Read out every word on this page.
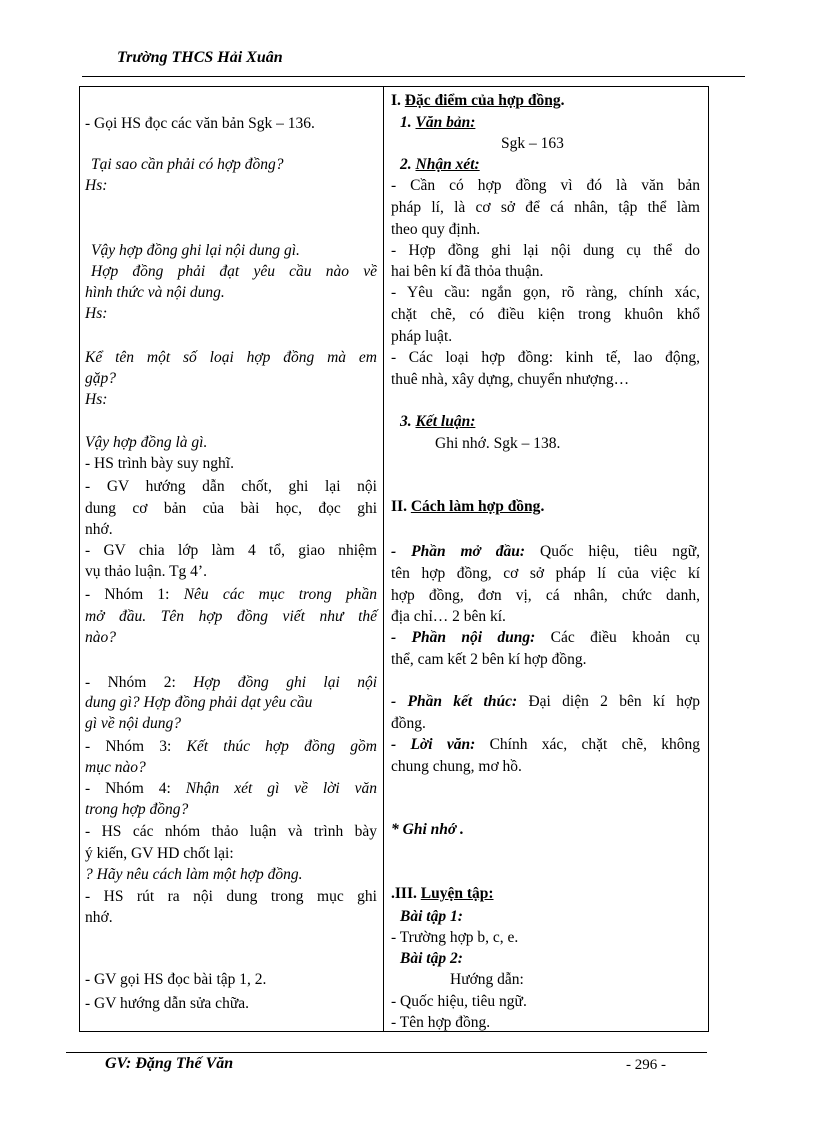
Trường THCS Hải Xuân
- Gọi HS đọc các văn bản Sgk – 136.
Tại sao cần phải có hợp đồng?
Hs:
Vậy hợp đồng ghi lại nội dung gì.
Hợp đồng phải đạt yêu cầu nào về
hình thức và nội dung.
Hs:
Kể tên một số loại hợp đồng mà em
gặp?
Hs:
Vậy hợp đồng là gì.
- HS trình bày suy nghĩ.
- GV hướng dẫn chốt, ghi lại nội
dung cơ bản của bài học, đọc ghi
nhớ.
- GV chia lớp làm 4 tổ, giao nhiệm
vụ thảo luận. Tg 4’.
- Nhóm 1: Nêu các mục trong phần
mở đầu. Tên hợp đồng viết như thế
nào?
- Nhóm 2: Hợp đồng ghi lại nội
dung gì? Hợp đồng phải dạt yêu cầu
gì về nội dung?
- Nhóm 3: Kết thúc hợp đồng gồm
mục nào?
- Nhóm 4: Nhận xét gì về lời văn
trong hợp đồng?
- HS các nhóm thảo luận và trình bày
ý kiến, GV HD chốt lại:
? Hãy nêu cách làm một hợp đồng.
- HS rút ra nội dung trong mục ghi
nhớ.
- GV gọi HS đọc bài tập 1, 2.
- GV hướng dẫn sửa chữa.
I. Đặc điểm của hợp đồng.
1. Văn bản:
Sgk – 163
2. Nhận xét:
- Cần có hợp đồng vì đó là văn bản
pháp lí, là cơ sở để cá nhân, tập thể làm
theo quy định.
- Hợp đồng ghi lại nội dung cụ thể do
hai bên kí đã thỏa thuận.
- Yêu cầu: ngắn gọn, rõ ràng, chính xác,
chặt chẽ, có điều kiện trong khuôn khổ
pháp luật.
- Các loại hợp đồng: kinh tế, lao động,
thuê nhà, xây dựng, chuyển nhượng…
3. Kết luận:
Ghi nhớ. Sgk – 138.
II. Cách làm hợp đồng.
- Phần mở đầu: Quốc hiệu, tiêu ngữ,
tên hợp đồng, cơ sở pháp lí của việc kí
hợp đồng, đơn vị, cá nhân, chức danh,
địa chỉ… 2 bên kí.
- Phần nội dung: Các điều khoản cụ
thể, cam kết 2 bên kí hợp đồng.
- Phần kết thúc: Đại diện 2 bên kí hợp
đồng.
- Lời văn: Chính xác, chặt chẽ, không
chung chung, mơ hồ.
* Ghi nhớ .
.III. Luyện tập:
Bài tập 1:
- Trường hợp b, c, e.
Bài tập 2:
Hướng dẫn:
- Quốc hiệu, tiêu ngữ.
- Tên hợp đồng.
GV: Đặng Thế Văn	- 296 -
